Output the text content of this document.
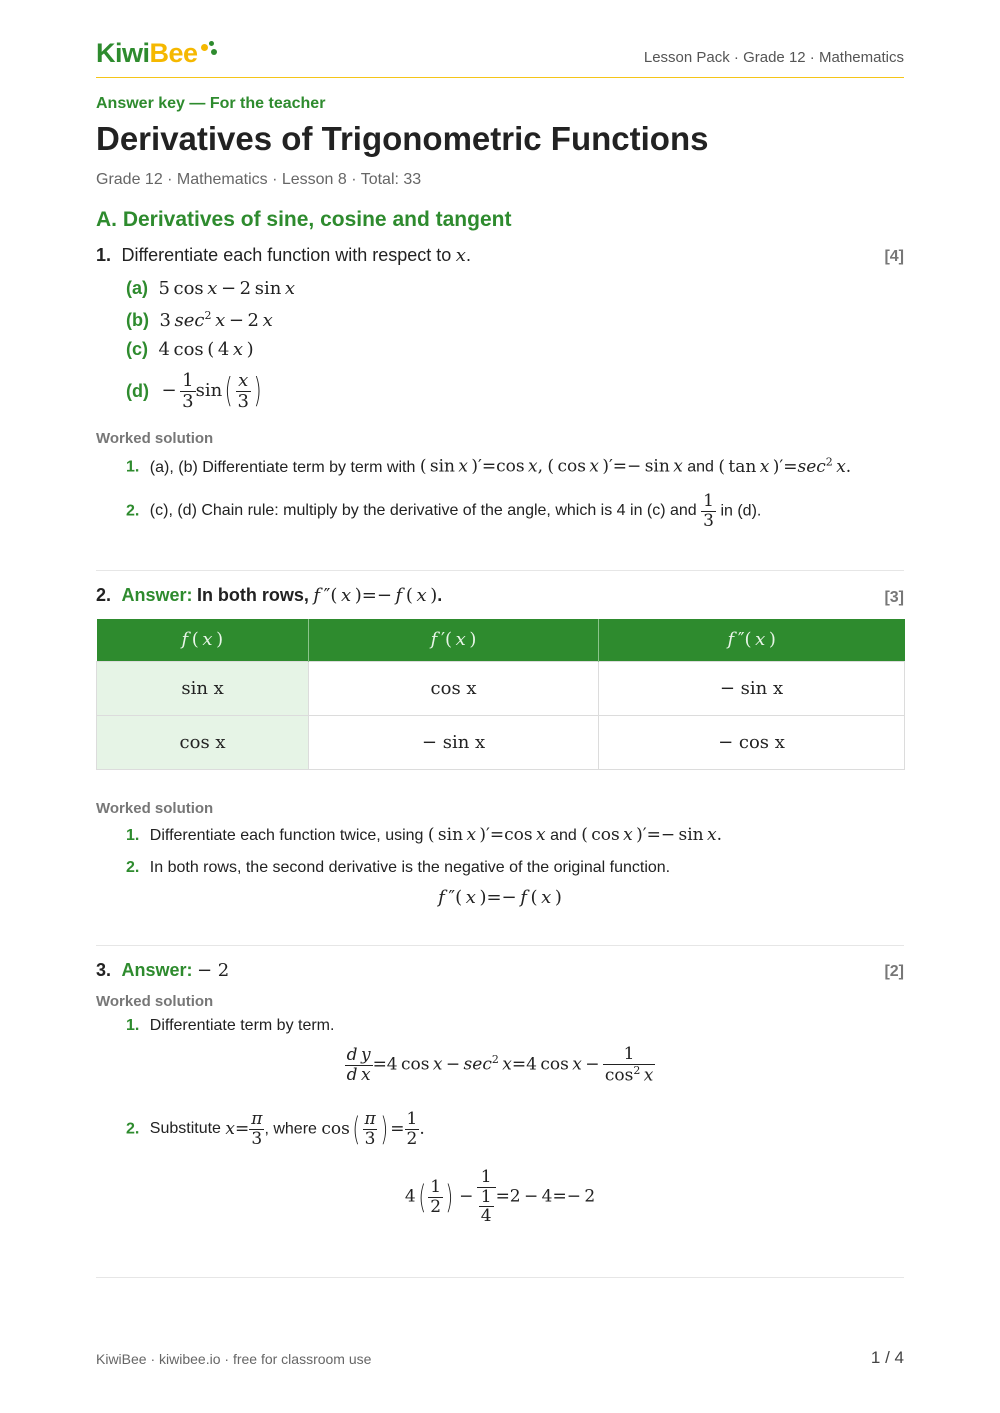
KiwiBee	Lesson Pack · Grade 12 · Mathematics
Answer key — For the teacher
Derivatives of Trigonometric Functions
Grade 12 · Mathematics · Lesson 8 · Total: 33
A. Derivatives of sine, cosine and tangent
1. Differentiate each function with respect to x.	[4]
(a) 5 cos x − 2 sin x
(b) 3 $\sec^2 x - 2$ x
(c) 4 cos ( 4 x )
$(d) - \frac{1}{3} \sin( \frac{x}{3}$ )
Worked solution
1. (a), (b) Differentiate term by term with ( sin x )′=cos x, ( cos x )′=− sin x and ( tan x )$'=\sec^2$  x.
2. (c), (d) Chain rule: multiply by the derivative of the angle, which is 4 in (c) and $\frac{1}{3}$ in (d).
2. Answer: In both rows, f ″( x )=− f ( x ).	[3]
f ( x )	f ′( x )	f ″( x )
sin x	cos x	− sin x
cos x	− sin x	− cos x
Worked solution
1. Differentiate each function twice, using ( sin x )′=cos x and ( cos x )′=− sin x.
2. In both rows, the second derivative is the negative of the original function.
f ″( x )=− f ( x )
3. Answer: − 2	[2]
Worked solution
1. Differentiate term by term.
$\frac{\text{d  y}}{\text{d  x}} =4$ $\cos x - \sec^2 x=4$ $\cos x - \frac{1}{\cos^2 x}$
2. Substitute $x= \frac{\pi}{3}$ , where $\cos( \frac{\pi}{3}$ ) = $\frac{1}{2}$ .
$4( \frac{1}{2}$ ) −  $\frac{1}{\frac{1}{4}} =2 - 4=- 2$
KiwiBee · kiwibee.io · free for classroom use	1 / 4
